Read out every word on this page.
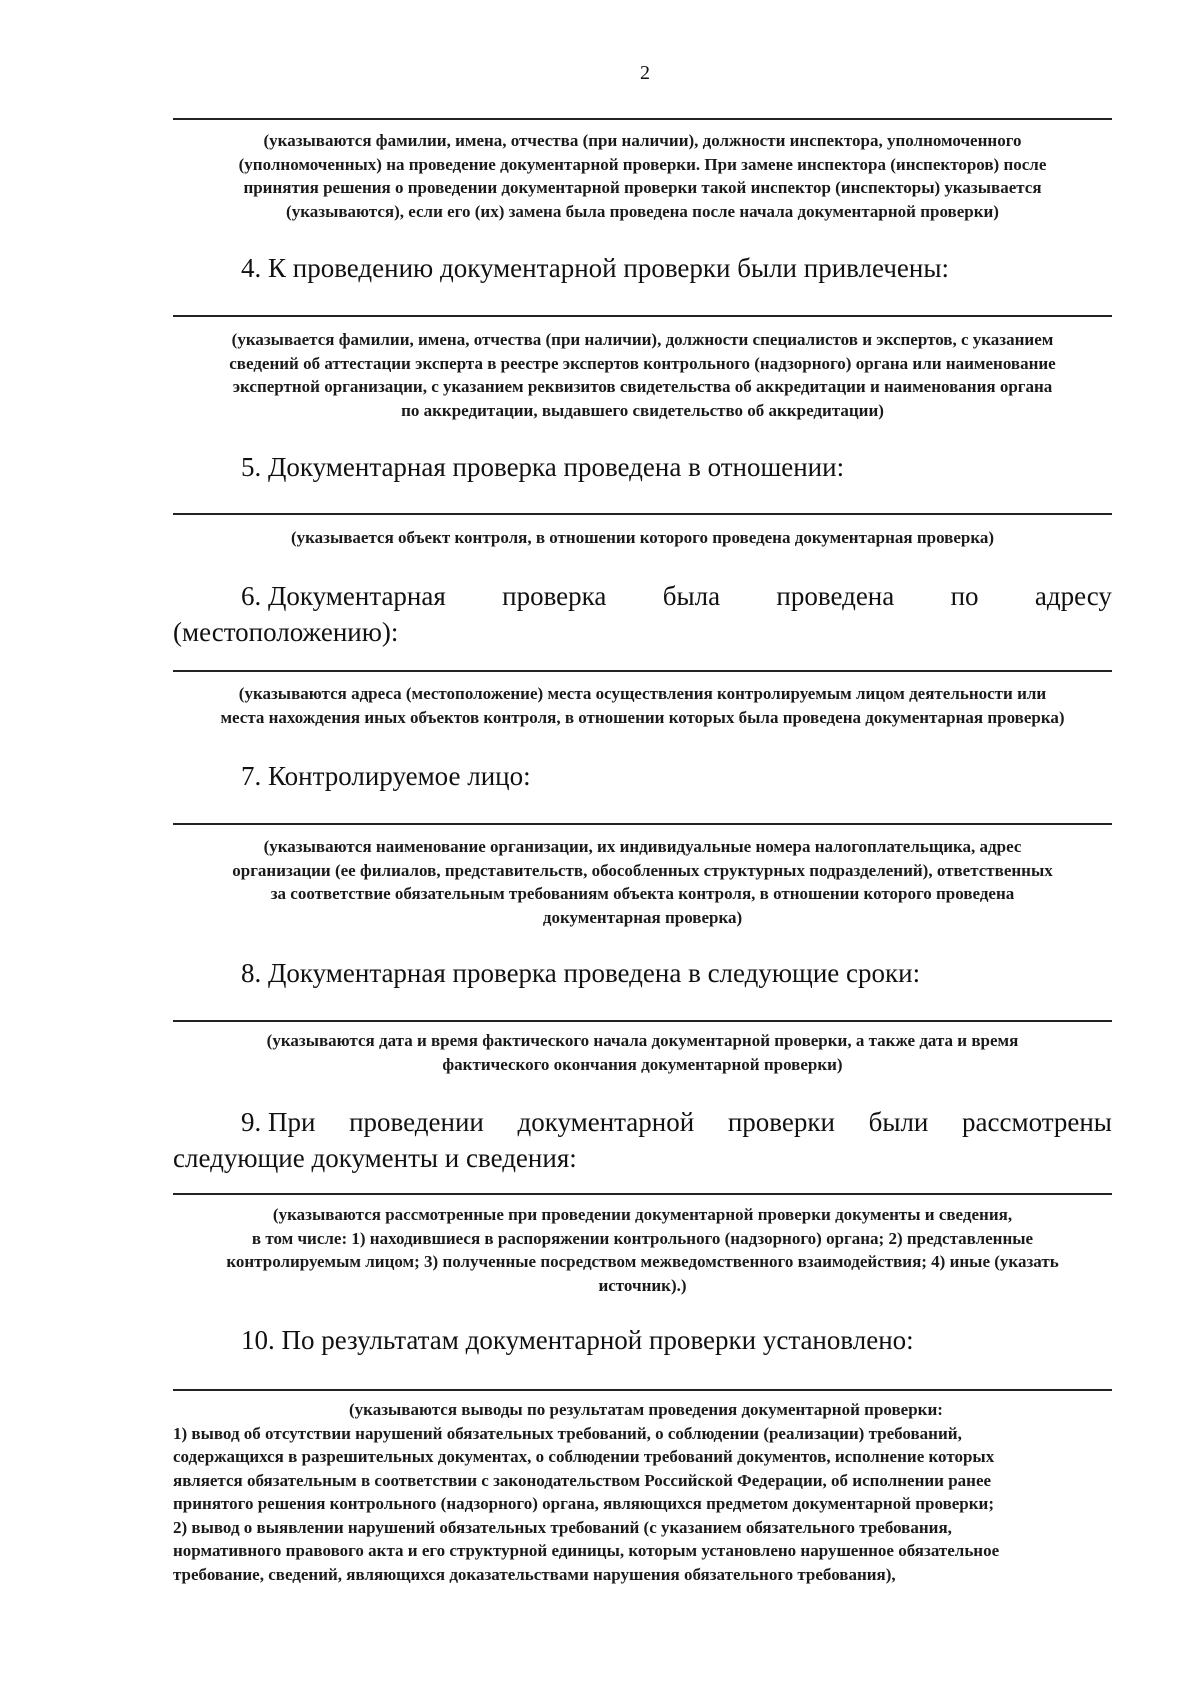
2
(указываются фамилии, имена, отчества (при наличии), должности инспектора, уполномоченного
(уполномоченных) на проведение документарной проверки. При замене инспектора (инспекторов) после
принятия решения о проведении документарной проверки такой инспектор (инспекторы) указывается
(указываются), если его (их) замена была проведена после начала документарной проверки)
4. К проведению документарной проверки были привлечены:
(указывается фамилии, имена, отчества (при наличии), должности специалистов и экспертов, с указанием
сведений об аттестации эксперта в реестре экспертов контрольного (надзорного) органа или наименование
экспертной организации, с указанием реквизитов свидетельства об аккредитации и наименования органа
по аккредитации, выдавшего свидетельство об аккредитации)
5. Документарная проверка проведена в отношении:
(указывается объект контроля, в отношении которого проведена документарная проверка)
6. Документарная проверка была проведена по адресу
(местоположению):
(указываются адреса (местоположение) места осуществления контролируемым лицом деятельности или
места нахождения иных объектов контроля, в отношении которых была проведена документарная проверка)
7. Контролируемое лицо:
(указываются наименование организации, их индивидуальные номера налогоплательщика, адрес
организации (ее филиалов, представительств, обособленных структурных подразделений), ответственных
за соответствие обязательным требованиям объекта контроля, в отношении которого проведена
документарная проверка)
8. Документарная проверка проведена в следующие сроки:
(указываются дата и время фактического начала документарной проверки, а также дата и время
фактического окончания документарной проверки)
9. При проведении документарной проверки были рассмотрены
следующие документы и сведения:
(указываются рассмотренные при проведении документарной проверки документы и сведения,
в том числе: 1) находившиеся в распоряжении контрольного (надзорного) органа; 2) представленные
контролируемым лицом; 3) полученные посредством межведомственного взаимодействия; 4) иные (указать
источник).)
10. По результатам документарной проверки установлено:
(указываются выводы по результатам проведения документарной проверки:
1) вывод об отсутствии нарушений обязательных требований, о соблюдении (реализации) требований,
содержащихся в разрешительных документах, о соблюдении требований документов, исполнение которых
является обязательным в соответствии с законодательством Российской Федерации, об исполнении ранее
принятого решения контрольного (надзорного) органа, являющихся предметом документарной проверки;
2) вывод о выявлении нарушений обязательных требований (с указанием обязательного требования,
нормативного правового акта и его структурной единицы, которым установлено нарушенное обязательное
требование, сведений, являющихся доказательствами нарушения обязательного требования),
